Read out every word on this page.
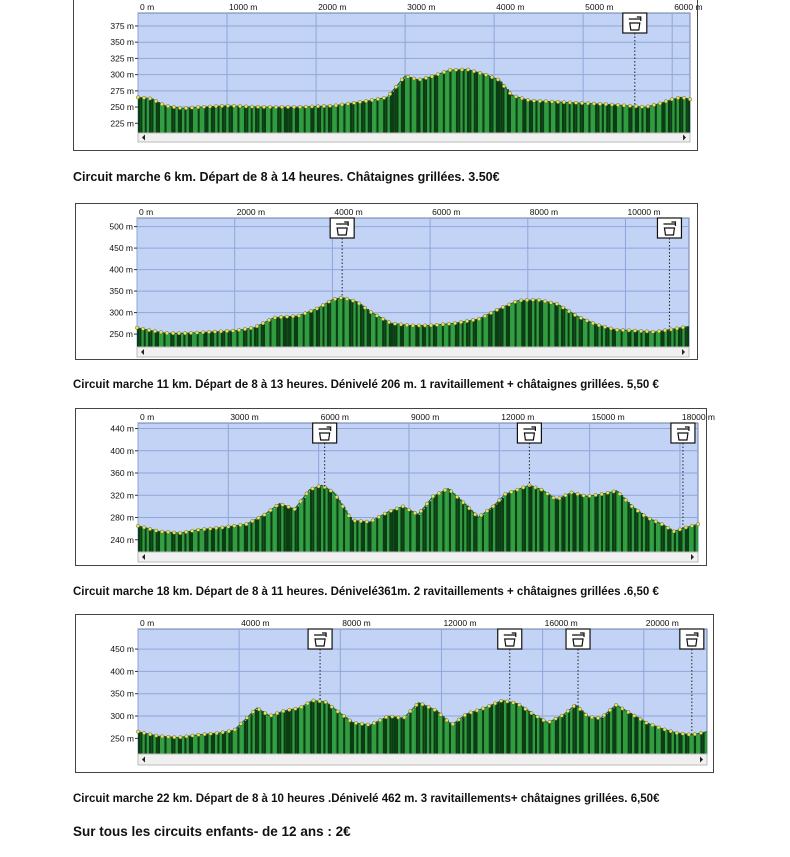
0 m	1000 m	2000 m	3000 m	4000 m	5000 m	6000 m
225 m
250 m
275 m
300 m
325 m
350 m
375 m
Circuit marche 6 km. Départ de 8 à 14 heures. Châtaignes grillées. 3.50€
0 m	2000 m	4000 m	6000 m	8000 m	10000 m
250 m
300 m
350 m
400 m
450 m
500 m
Circuit marche 11 km. Départ de 8 à 13 heures. Dénivelé 206 m. 1 ravitaillement + châtaignes grillées. 5,50 €
0 m	3000 m	6000 m	9000 m	12000 m	15000 m	18000 m
240 m
280 m
320 m
360 m
400 m
440 m
Circuit marche 18 km. Départ de 8 à 11 heures. Dénivelé361m. 2 ravitaillements + châtaignes grillées .6,50 €
0 m	4000 m	8000 m	12000 m	16000 m	20000 m
250 m
300 m
350 m
400 m
450 m
Circuit marche 22 km. Départ de 8 à 10 heures .Dénivelé 462 m. 3 ravitaillements+ châtaignes grillées. 6,50€
Sur tous les circuits enfants- de 12 ans : 2€
